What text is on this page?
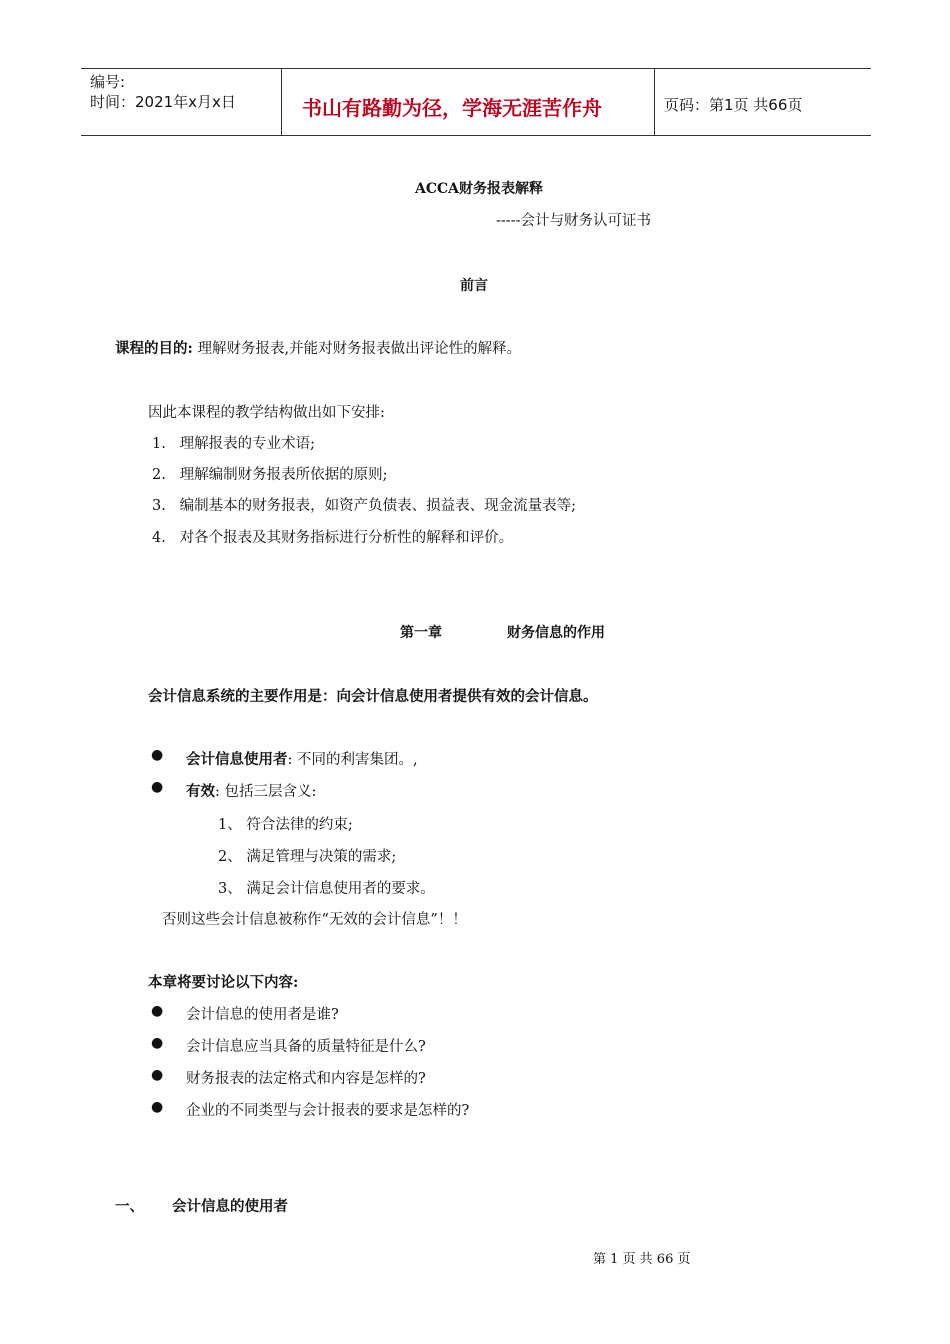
编号:
时间：2021年x月x日	书山有路勤为径，学海无涯苦作舟	页码：第1页 共66页
ACCA财务报表解释
-----会计与财务认可证书
前言
课程的目的: 理解财务报表,并能对财务报表做出评论性的解释。
因此本课程的教学结构做出如下安排:
1. 理解报表的专业术语;
2. 理解编制财务报表所依据的原则;
3. 编制基本的财务报表，如资产负债表、损益表、现金流量表等;
4. 对各个报表及其财务指标进行分析性的解释和评价。
第一章	财务信息的作用
会计信息系统的主要作用是：向会计信息使用者提供有效的会计信息。
● 会计信息使用者: 不同的利害集团。,
● 有效: 包括三层含义:
1、 符合法律的约束;
2、 满足管理与决策的需求;
3、 满足会计信息使用者的要求。
否则这些会计信息被称作“无效的会计信息”！！
本章将要讨论以下内容:
● 会计信息的使用者是谁?
● 会计信息应当具备的质量特征是什么?
● 财务报表的法定格式和内容是怎样的?
● 企业的不同类型与会计报表的要求是怎样的?
一、 会计信息的使用者
第 1 页 共 66 页
